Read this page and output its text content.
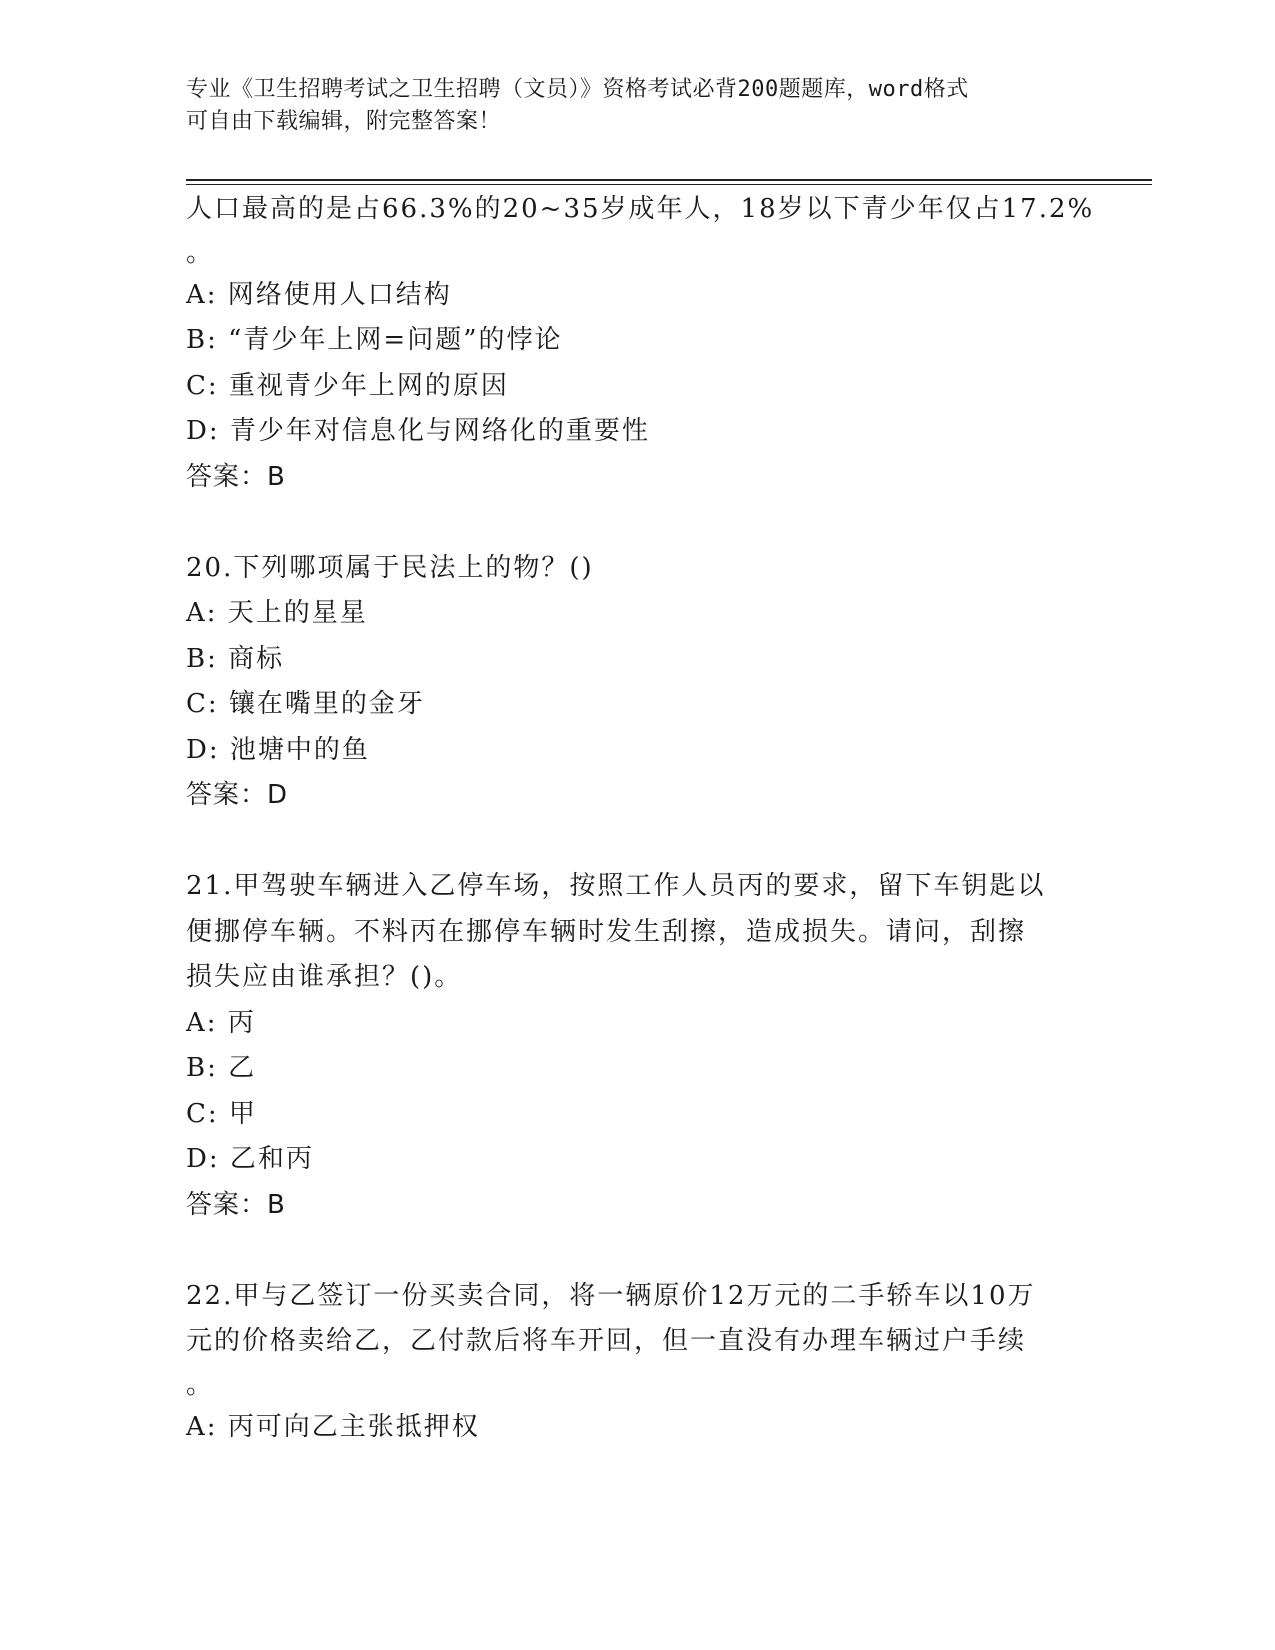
专业《卫生招聘考试之卫生招聘（文员）》资格考试必背200题题库，word格式
可自由下载编辑，附完整答案！
人口最高的是占66.3%的20~35岁成年人，18岁以下青少年仅占17.2%
。
A: 网络使用人口结构
B: “青少年上网=问题”的悖论
C: 重视青少年上网的原因
D: 青少年对信息化与网络化的重要性
答案：B
20.下列哪项属于民法上的物？()
A: 天上的星星
B: 商标
C: 镶在嘴里的金牙
D: 池塘中的鱼
答案：D
21.甲驾驶车辆进入乙停车场，按照工作人员丙的要求，留下车钥匙以
便挪停车辆。不料丙在挪停车辆时发生刮擦，造成损失。请问，刮擦
损失应由谁承担？()。
A: 丙
B: 乙
C: 甲
D: 乙和丙
答案：B
22.甲与乙签订一份买卖合同，将一辆原价12万元的二手轿车以10万
元的价格卖给乙，乙付款后将车开回，但一直没有办理车辆过户手续
。
A: 丙可向乙主张抵押权
